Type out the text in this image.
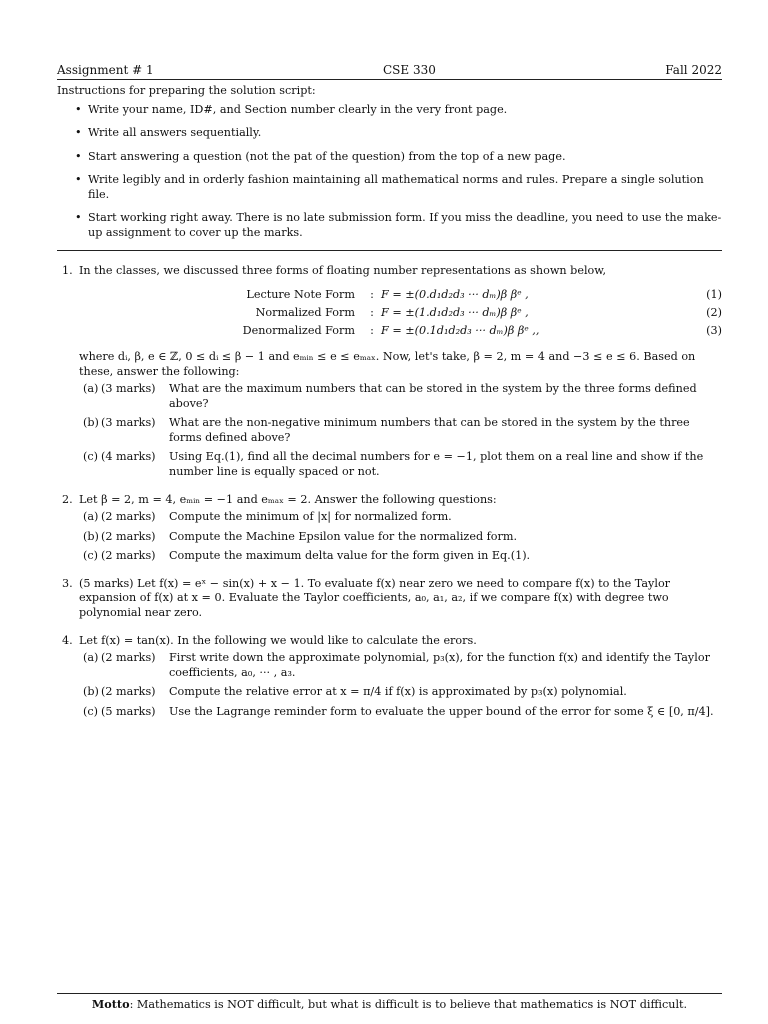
Assignment # 1	CSE 330	Fall 2022
Instructions for preparing the solution script:
• Write your name, ID#, and Section number clearly in the very front page.
• Write all answers sequentially.
• Start answering a question (not the pat of the question) from the top of a new page.
• Write legibly and in orderly fashion maintaining all mathematical norms and rules. Prepare a single solution file.
• Start working right away. There is no late submission form. If you miss the deadline, you need to use the make-up assignment to cover up the marks.
1. In the classes, we discussed three forms of floating number representations as shown below,
Lecture Note Form	: F = ±(0.d₁d₂d₃ ··· dₘ)β βᵉ ,	(1)
Normalized Form	: F = ±(1.d₁d₂d₃ ··· dₘ)β βᵉ ,	(2)
Denormalized Form	: F = ±(0.1d₁d₂d₃ ··· dₘ)β βᵉ ,,	(3)
where dᵢ, β, e ∈ ℤ, 0 ≤ dᵢ ≤ β − 1 and eₘᵢₙ ≤ e ≤ eₘₐₓ. Now, let's take, β = 2, m = 4 and −3 ≤ e ≤ 6. Based on these, answer the following:
(a) (3 marks) What are the maximum numbers that can be stored in the system by the three forms defined above?
(b) (3 marks) What are the non-negative minimum numbers that can be stored in the system by the three forms defined above?
(c) (4 marks) Using Eq.(1), find all the decimal numbers for e = −1, plot them on a real line and show if the number line is equally spaced or not.
2. Let β = 2, m = 4, eₘᵢₙ = −1 and eₘₐₓ = 2. Answer the following questions:
(a) (2 marks) Compute the minimum of |x| for normalized form.
(b) (2 marks) Compute the Machine Epsilon value for the normalized form.
(c) (2 marks) Compute the maximum delta value for the form given in Eq.(1).
3. (5 marks) Let f(x) = eˣ − sin(x) + x − 1. To evaluate f(x) near zero we need to compare f(x) to the Taylor expansion of f(x) at x = 0. Evaluate the Taylor coefficients, a₀, a₁, a₂, if we compare f(x) with degree two polynomial near zero.
4. Let f(x) = tan(x). In the following we would like to calculate the erors.
(a) (2 marks) First write down the approximate polynomial, p₃(x), for the function f(x) and identify the Taylor coefficients, a₀, ··· , a₃.
(b) (2 marks) Compute the relative error at x = π/4 if f(x) is approximated by p₃(x) polynomial.
(c) (5 marks) Use the Lagrange reminder form to evaluate the upper bound of the error for some ξ ∈ [0, π/4].
Motto: Mathematics is NOT difficult, but what is difficult is to believe that mathematics is NOT difficult.
